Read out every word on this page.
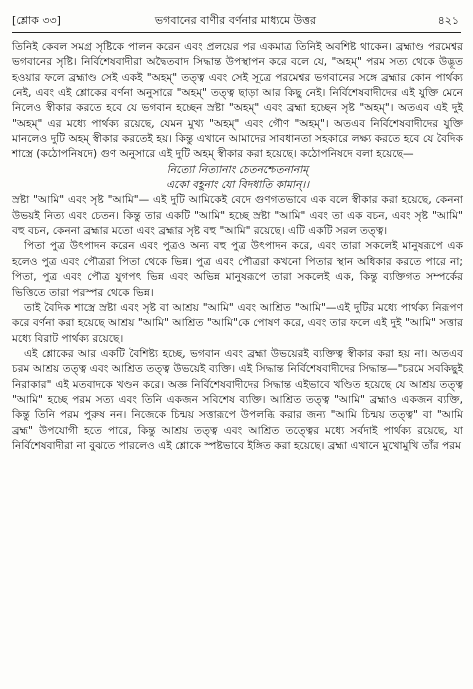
[শ্লোক ৩৩]	ভগবানের বাণীর বর্ণনার মাধ্যমে উত্তর	৪২১

তিনিই কেবল সমগ্র সৃষ্টিকে পালন করেন এবং প্রলয়ের পর একমাত্র তিনিই অবশিষ্ট থাকেন। ব্রহ্মাণ্ড পরমেশ্বর ভগবানের সৃষ্টি। নির্বিশেষবাদীরা অদ্বৈতবাদ সিদ্ধান্ত উপস্থাপন করে বলে যে, "অহম্" পরম সত্য থেকে উদ্ভূত হওয়ার ফলে ব্রহ্মাণ্ড সেই একই "অহম্" তত্ত্ব এবং সেই সূত্রে পরমেশ্বর ভগবানের সঙ্গে ব্রহ্মার কোন পার্থক্য নেই, এবং এই শ্লোকের বর্ণনা অনুসারে "অহম্" তত্ত্ব ছাড়া আর কিছু নেই। নির্বিশেষবাদীদের এই যুক্তি মেনে নিলেও স্বীকার করতে হবে যে ভগবান হচ্ছেন স্রষ্টা "অহম্" এবং ব্রহ্মা হচ্ছেন সৃষ্ট "অহম্"। অতএব এই দুই "অহম্" এর মধ্যে পার্থক্য রয়েছে, যেমন মুখ্য "অহম্" এবং গৌণ "অহম্"। অতএব নির্বিশেষবাদীদের যুক্তি মানলেও দুটি অহম্ স্বীকার করতেই হয়। কিন্তু এখানে আমাদের সাবধানতা সহকারে লক্ষ্য করতে হবে যে বৈদিক শাস্ত্রে (কঠোপনিষদে) গুণ অনুসারে এই দুটি অহম্ স্বীকার করা হয়েছে। কঠোপনিষদে বলা হয়েছে—

নিত্যো নিত্যানাং চেতনশ্চেতনানাম্

একো বহূনাং যো বিদধাতি কামান্।।

স্রষ্টা "আমি" এবং সৃষ্ট "আমি"— এই দুটি আমিকেই বেদে গুণগতভাবে এক বলে স্বীকার করা হয়েছে, কেননা উভয়ই নিত্য এবং চেতন। কিন্তু তার একটি "আমি" হচ্ছে স্রষ্টা "আমি" এবং তা এক বচন, এবং সৃষ্ট "আমি" বহু বচন, কেননা ব্রহ্মার মতো এবং ব্রহ্মার সৃষ্ট বহু "আমি" রয়েছে। এটি একটি সরল তত্ত্ব।

পিতা পুত্র উৎপাদন করেন এবং পুত্রও অন্য বহু পুত্র উৎপাদন করে, এবং তারা সকলেই মানুষরূপে এক হলেও পুত্র এবং পৌত্ররা পিতা থেকে ভিন্ন। পুত্র এবং পৌত্ররা কখনো পিতার স্থান অধিকার করতে পারে না; পিতা, পুত্র এবং পৌত্র যুগপৎ ভিন্ন এবং অভিন্ন মানুষরূপে তারা সকলেই এক, কিন্তু ব্যক্তিগত সম্পর্কের ভিত্তিতে তারা পরস্পর থেকে ভিন্ন।

তাই বৈদিক শাস্ত্রে স্রষ্টা এবং সৃষ্ট বা আশ্রয় "আমি" এবং আশ্রিত "আমি"—এই দুটির মধ্যে পার্থক্য নিরূপণ করে বর্ণনা করা হয়েছে আশ্রয় "আমি" আশ্রিত "আমি"কে পোষণ করে, এবং তার ফলে এই দুই "আমি" সত্তার মধ্যে বিরাট পার্থক্য রয়েছে।

এই শ্লোকের আর একটি বৈশিষ্ট্য হচ্ছে, ভগবান এবং ব্রহ্মা উভয়েরই ব্যক্তিত্ব স্বীকার করা হয় না। অতএব চরম আশ্রয় তত্ত্ব এবং আশ্রিত তত্ত্ব উভয়েই ব্যক্তি। এই সিদ্ধান্ত নির্বিশেষবাদীদের সিদ্ধান্ত—"চরমে সবকিছুই নিরাকার" এই মতবাদকে খণ্ডন করে। অজ্ঞ নির্বিশেষবাদীদের সিদ্ধান্ত এইভাবে খণ্ডিত হয়েছে যে আশ্রয় তত্ত্ব "আমি" হচ্ছে পরম সত্য এবং তিনি একজন সবিশেষ ব্যক্তি। আশ্রিত তত্ত্ব "আমি" ব্রহ্মাও একজন ব্যক্তি, কিন্তু তিনি পরম পুরুষ নন। নিজেকে চিন্ময় সত্তারূপে উপলব্ধি করার জন্য "আমি চিন্ময় তত্ত্ব" বা "আমি ব্রহ্ম" উপযোগী হতে পারে, কিন্তু আশ্রয় তত্ত্ব এবং আশ্রিত তত্ত্বের মধ্যে সর্বদাই পার্থক্য রয়েছে, যা নির্বিশেষবাদীরা না বুঝতে পারলেও এই শ্লোকে স্পষ্টভাবে ইঙ্গিত করা হয়েছে। ব্রহ্মা এখানে মুখোমুখি তাঁর পরম
